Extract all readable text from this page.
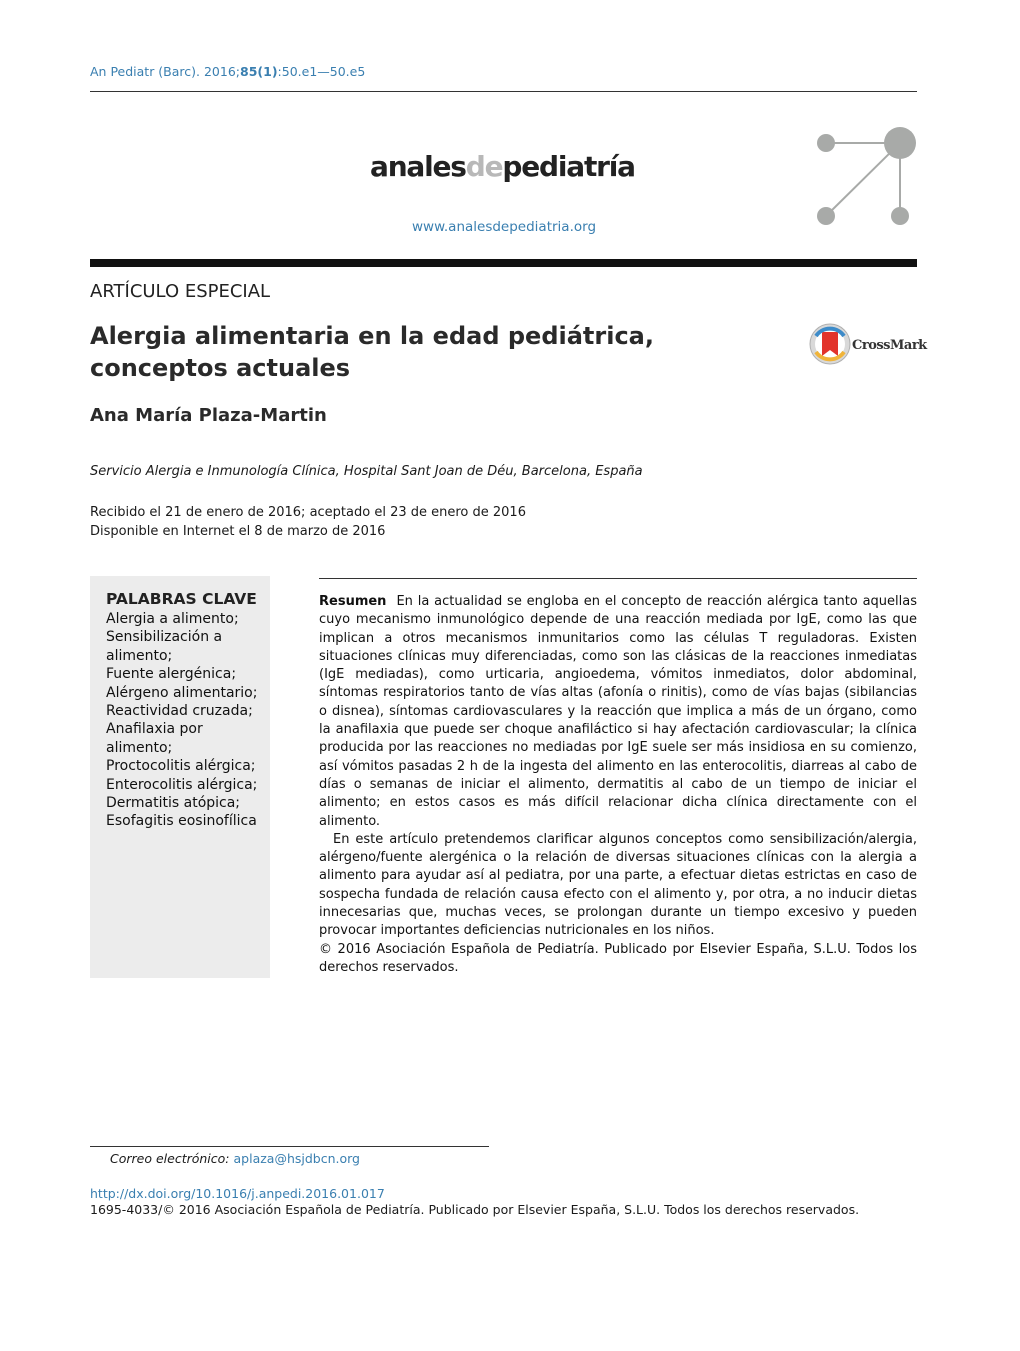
An Pediatr (Barc). 2016;85(1):50.e1—50.e5
analesdepediatría
www.analesdepediatria.org
ARTÍCULO ESPECIAL
Alergia alimentaria en la edad pediátrica, conceptos actuales
CrossMark
Ana María Plaza-Martin
Servicio Alergia e Inmunología Clínica, Hospital Sant Joan de Déu, Barcelona, España
Recibido el 21 de enero de 2016; aceptado el 23 de enero de 2016
Disponible en Internet el 8 de marzo de 2016
PALABRAS CLAVE
Alergia a alimento;
Sensibilización a alimento;
Fuente alergénica;
Alérgeno alimentario;
Reactividad cruzada;
Anafilaxia por alimento;
Proctocolitis alérgica;
Enterocolitis alérgica;
Dermatitis atópica;
Esofagitis eosinofílica

Resumen En la actualidad se engloba en el concepto de reacción alérgica tanto aquellas cuyo mecanismo inmunológico depende de una reacción mediada por IgE, como las que implican a otros mecanismos inmunitarios como las células T reguladoras. Existen situaciones clínicas muy diferenciadas, como son las clásicas de la reacciones inmediatas (IgE mediadas), como urticaria, angioedema, vómitos inmediatos, dolor abdominal, síntomas respiratorios tanto de vías altas (afonía o rinitis), como de vías bajas (sibilancias o disnea), síntomas cardiovasculares y la reacción que implica a más de un órgano, como la anafilaxia que puede ser choque anafiláctico si hay afectación cardiovascular; la clínica producida por las reacciones no mediadas por IgE suele ser más insidiosa en su comienzo, así vómitos pasadas 2 h de la ingesta del alimento en las enterocolitis, diarreas al cabo de días o semanas de iniciar el alimento, dermatitis al cabo de un tiempo de iniciar el alimento; en estos casos es más difícil relacionar dicha clínica directamente con el alimento.

En este artículo pretendemos clarificar algunos conceptos como sensibilización/alergia, alérgeno/fuente alergénica o la relación de diversas situaciones clínicas con la alergia a alimento para ayudar así al pediatra, por una parte, a efectuar dietas estrictas en caso de sospecha fundada de relación causa efecto con el alimento y, por otra, a no inducir dietas innecesarias que, muchas veces, se prolongan durante un tiempo excesivo y pueden provocar importantes deficiencias nutricionales en los niños.

© 2016 Asociación Española de Pediatría. Publicado por Elsevier España, S.L.U. Todos los derechos reservados.

Correo electrónico: aplaza@hsjdbcn.org
http://dx.doi.org/10.1016/j.anpedi.2016.01.017
1695-4033/© 2016 Asociación Española de Pediatría. Publicado por Elsevier España, S.L.U. Todos los derechos reservados.
